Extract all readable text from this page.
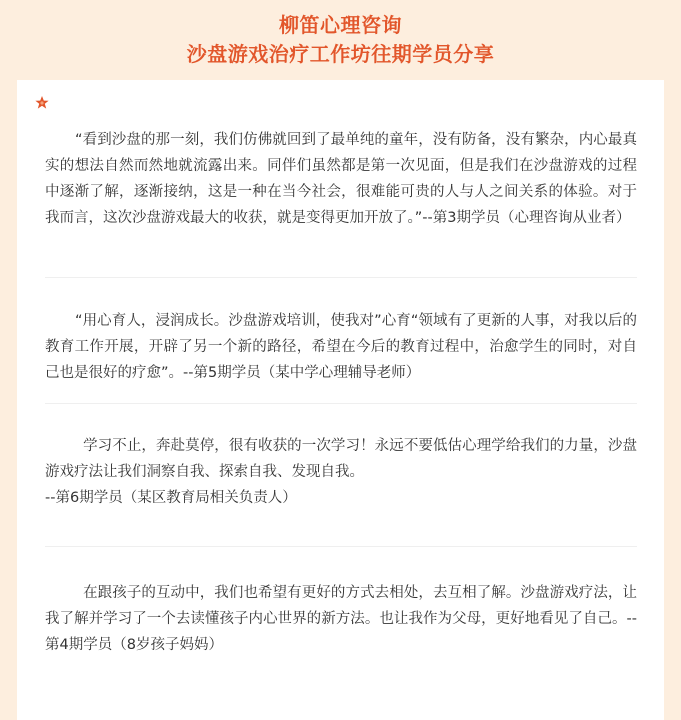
柳笛心理咨询
沙盘游戏治疗工作坊往期学员分享
“看到沙盘的那一刻，我们仿佛就回到了最单纯的童年，没有防备，没有繁杂，内心最真实的想法自然而然地就流露出来。同伴们虽然都是第一次见面，但是我们在沙盘游戏的过程中逐渐了解，逐渐接纳，这是一种在当今社会，很难能可贵的人与人之间关系的体验。对于我而言，这次沙盘游戏最大的收获，就是变得更加开放了。”--第3期学员（心理咨询从业者）
“用心育人，浸润成长。沙盘游戏培训，使我对”心育“领域有了更新的人事，对我以后的教育工作开展，开辟了另一个新的路径，希望在今后的教育过程中，治愈学生的同时，对自己也是很好的疗愈”。--第5期学员（某中学心理辅导老师）
学习不止，奔赴莫停，很有收获的一次学习！永远不要低估心理学给我们的力量，沙盘游戏疗法让我们洞察自我、探索自我、发现自我。
--第6期学员（某区教育局相关负责人）
在跟孩子的互动中，我们也希望有更好的方式去相处，去互相了解。沙盘游戏疗法，让我了解并学习了一个去读懂孩子内心世界的新方法。也让我作为父母，更好地看见了自己。--第4期学员（8岁孩子妈妈）
